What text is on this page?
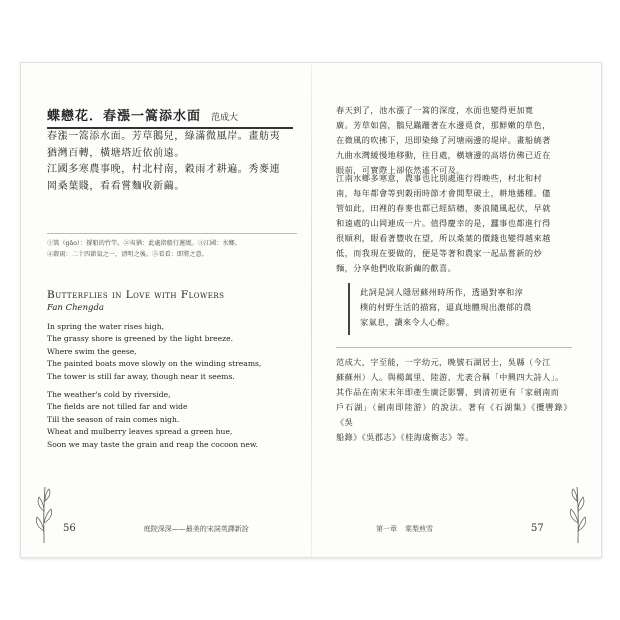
蝶戀花．春漲一篙添水面 范成大

春漲一篙添水面。芳草鵝兒，綠滿微風岸。畫舫夷

猶灣百轉，橫塘塔近依前遠。

江國多寒農事晚，村北村南，穀雨才耕遍。秀麥連

岡桑葉賤，看看嘗麵收新繭。

①篙（gāo）：撐船的竹竿。②夷猶：此處指船行遲緩。③江國：水鄉。

④穀雨：二十四節氣之一，清明之後。⑤看看：即將之意。

Butterflies in Love with Flowers
Fan Chengda

In spring the water rises high,

The grassy shore is greened by the light breeze.

Where swim the geese,

The painted boats move slowly on the winding streams,

The tower is still far away, though near it seems.

The weather's cold by riverside,

The fields are not tilled far and wide

Till the season of rain comes nigh.

Wheat and mulberry leaves spread a green hue,

Soon we may taste the grain and reap the cocoon new.

56	庭院深深——最美的宋詞英譯新詮

春天到了，池水漲了一篙的深度，水面也變得更加寬

廣。芳草如茵，鵝兒蹣跚著在水邊覓食，那鮮嫩的草色，

在微風的吹拂下，迅即染綠了河塘兩邊的堤岸。畫船繞著

九曲水灣緩慢地移動，往目處，橫塘邊的高塔仿佛已近在

眼前，可實際上卻依然遙不可及。

江南水鄉多寒意，農事也比別處進行得晚些，村北和村

南，每年都會等到穀雨時節才會開犁破土，耕地播種。儘

管如此，田裡的春麥也都已經結穗，麥浪隨風起伏，早就

和遠處的山岡連成一片。值得慶幸的是，蠶事也都進行得

很順利，眼看著豐收在望，所以桑葉的價錢也變得越來越

低，而我現在要做的，便是等著和農家一起品嘗新的炒

麵，分享他們收取新繭的歡喜。

此詞是詞人隱居蘇州時所作，透過對寧和淳

樸的村野生活的描寫，逼真地體現出濃郁的農

家氣息，讀來令人心醉。

范成大，字至能，一字幼元，晚號石湖居士，吳縣（今江

蘇蘇州）人。與楊萬里、陸游、尤袤合稱「中興四大詩人」。

其作品在南宋末年即產生廣泛影響，到清初更有「家劍南而

戶石湖」（劍南即陸游）的說法。著有《石湖集》《攬轡錄》《吳

船錄》《吳郡志》《桂海虞衡志》等。

第一章 棠梨煎雪	57
